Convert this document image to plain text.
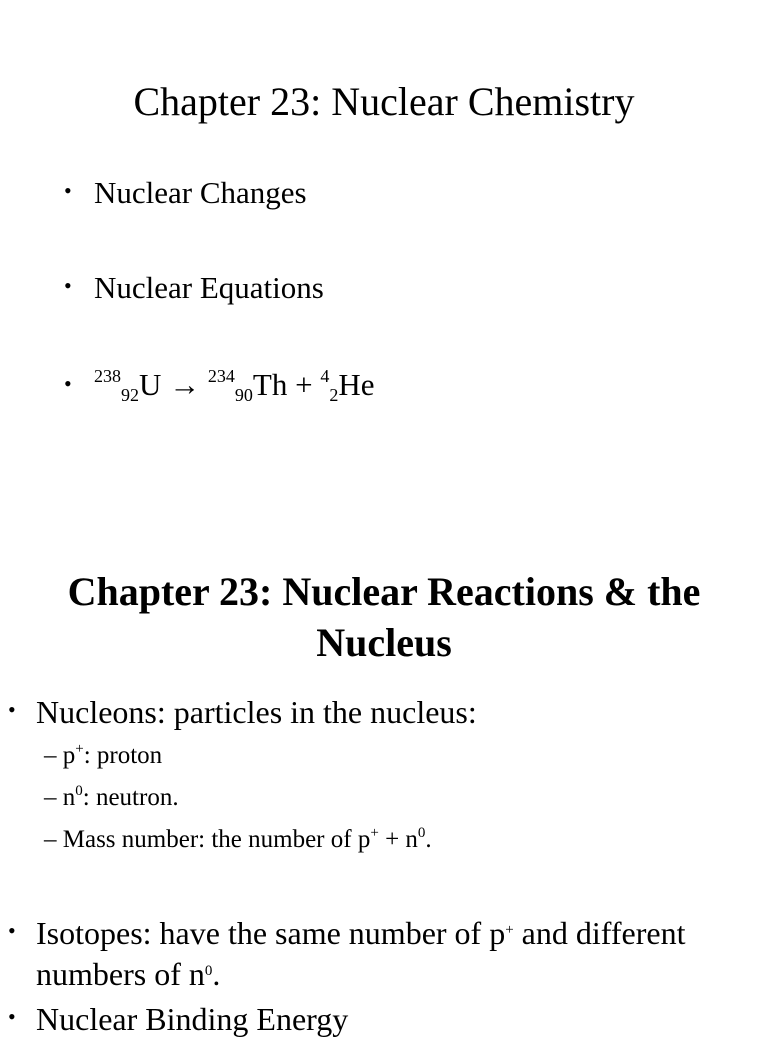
Chapter 23: Nuclear Chemistry
• Nuclear Changes
• Nuclear Equations
• $^{238}_{92}$U → $^{234}_{90}$Th + $^4_2$He
Chapter 23: Nuclear Reactions & the Nucleus
• Nucleons: particles in the nucleus:
– p+: proton
– $n^0$: neutron.
– Mass number: the number of $p^+ + n^0$.
• Isotopes: have the same number of p+ and different
numbers of $n^0$.
• Nuclear Binding Energy
